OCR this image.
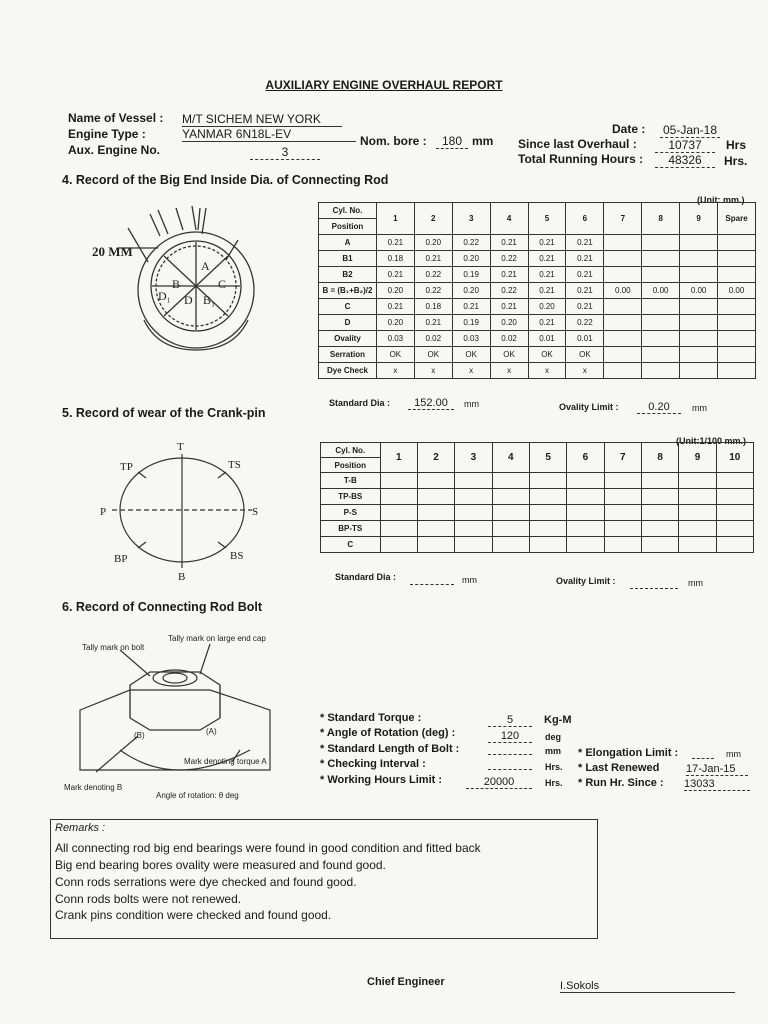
AUXILIARY ENGINE OVERHAUL REPORT
Name of Vessel : M/T SICHEM NEW YORK
Engine Type :	YANMAR 6N18L-EV
Aux. Engine No.	3
Nom. bore :	180 mm
Date : 05-Jan-18
Since last Overhaul :	10737	Hrs
Total Running Hours :	48326	Hrs.
4. Record of the Big End Inside Dia. of Connecting Rod
(Unit: mm.)
20 MM
A
B	C
D B₁
D₁
Cyl. No.	1	2	3	4	5	6	7	8	9	Spare
Position										
A	0.21	0.20	0.22	0.21	0.21	0.21				
B1	0.18	0.21	0.20	0.22	0.21	0.21				
B2	0.21	0.22	0.19	0.21	0.21	0.21				
B = (B₁+B₂)/2	0.20	0.22	0.20	0.22	0.21	0.21	0.00	0.00	0.00	0.00
C	0.21	0.18	0.21	0.21	0.20	0.21				
D	0.20	0.21	0.19	0.20	0.21	0.22				
Ovality	0.03	0.02	0.03	0.02	0.01	0.01				
Serration	OK	OK	OK	OK	OK	OK				
Dye Check	x	x	x	x	x	x				
Standard Dia :	152.00	mm	Ovality Limit :	0.20	mm
5. Record of wear of the Crank-pin
(Unit:1/100 mm.)
T
TP	TS
P	S
BP	BS
B
Cyl. No.	1	2	3	4	5	6	7	8	9	10
Position										
T-B										
TP-BS										
P-S										
BP-TS										
C										
Standard Dia :	mm	Ovality Limit :	mm
6. Record of Connecting Rod Bolt
Tally mark on bolt
Tally mark on large end cap
Mark denoting torque A
Mark denoting B
Angle of rotation: θ deg
(A)
(B)
* Standard Torque :	5	Kg-M
* Angle of Rotation (deg) :	120	deg
* Standard Length of Bolt :	mm
* Checking Interval :	Hrs.
* Working Hours Limit :	20000	Hrs.
* Elongation Limit :	mm
* Last Renewed 17-Jan-15
* Run Hr. Since : 13033
Remarks :
All connecting rod big end bearings were found in good condition and fitted back
Big end bearing bores ovality were measured and found good.
Conn rods serrations were dye checked and found good.
Conn rods bolts were not renewed.
Crank pins condition were checked and found good.
Chief Engineer	I.Sokols
